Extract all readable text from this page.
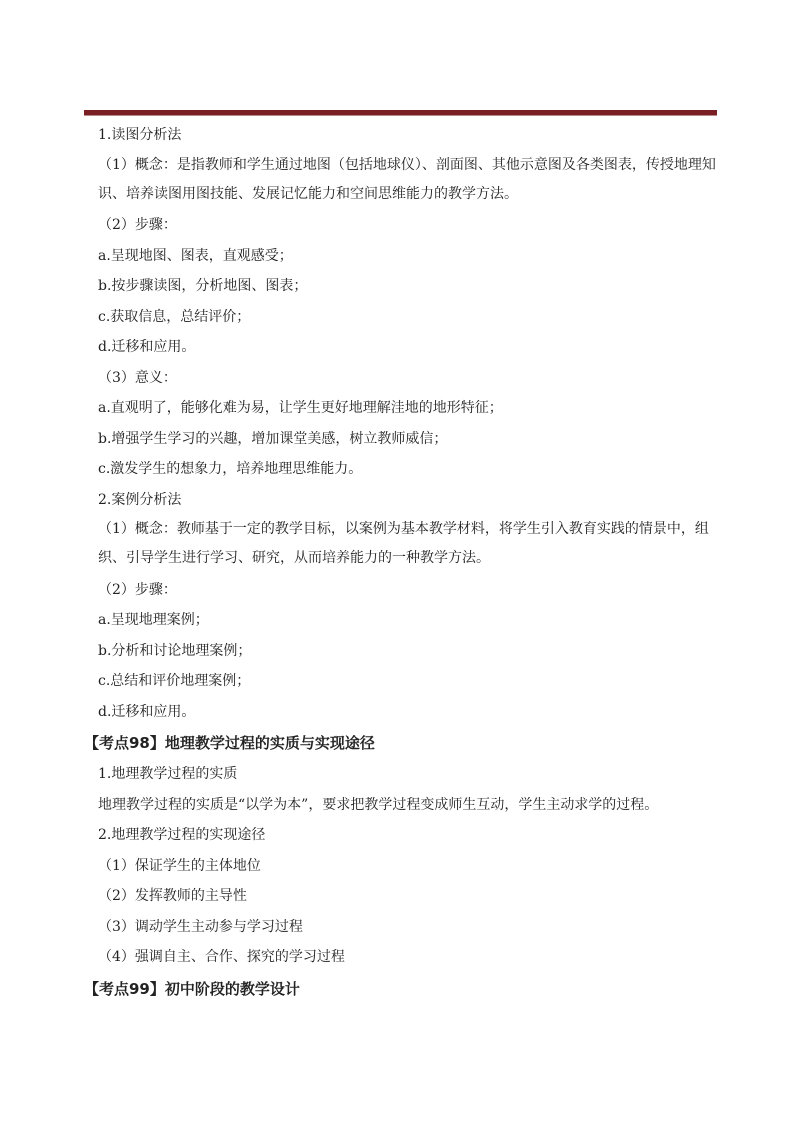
1.读图分析法
（1）概念：是指教师和学生通过地图（包括地球仪）、剖面图、其他示意图及各类图表，传授地理知识、培养读图用图技能、发展记忆能力和空间思维能力的教学方法。
（2）步骤：
a.呈现地图、图表，直观感受；
b.按步骤读图，分析地图、图表；
c.获取信息，总结评价；
d.迁移和应用。
（3）意义：
a.直观明了，能够化难为易，让学生更好地理解洼地的地形特征；
b.增强学生学习的兴趣，增加课堂美感，树立教师威信；
c.激发学生的想象力，培养地理思维能力。
2.案例分析法
（1）概念：教师基于一定的教学目标，以案例为基本教学材料，将学生引入教育实践的情景中，组织、引导学生进行学习、研究，从而培养能力的一种教学方法。
（2）步骤：
a.呈现地理案例；
b.分析和讨论地理案例；
c.总结和评价地理案例；
d.迁移和应用。
【考点98】地理教学过程的实质与实现途径
1.地理教学过程的实质
地理教学过程的实质是“以学为本”，要求把教学过程变成师生互动，学生主动求学的过程。
2.地理教学过程的实现途径
（1）保证学生的主体地位
（2）发挥教师的主导性
（3）调动学生主动参与学习过程
（4）强调自主、合作、探究的学习过程
【考点99】初中阶段的教学设计
